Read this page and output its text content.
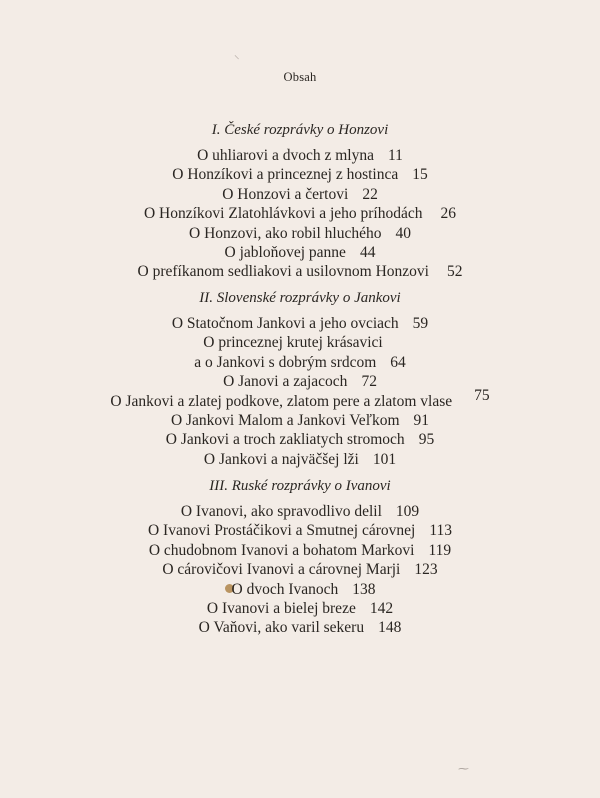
Obsah
⸌
⁓
I. České rozprávky o Honzovi
O uhliarovi a dvoch z mlyna 11
O Honzíkovi a princeznej z hostinca 15
O Honzovi a čertovi 22
O Honzíkovi Zlatohlávkovi a jeho príhodách 26
O Honzovi, ako robil hluchého 40
O jabloňovej panne 44
O prefíkanom sedliakovi a usilovnom Honzovi 52
II. Slovenské rozprávky o Jankovi
O Statočnom Jankovi a jeho ovciach 59
O princeznej krutej krásavici
a o Jankovi s dobrým srdcom 64
O Janovi a zajacoch 72
O Jankovi a zlatej podkove, zlatom pere a zlatom vlase 75
O Jankovi Malom a Jankovi Veľkom 91
O Jankovi a troch zakliatych stromoch 95
O Jankovi a najväčšej lži 101
III. Ruské rozprávky o Ivanovi
O Ivanovi, ako spravodlivo delil 109
O Ivanovi Prostáčikovi a Smutnej cárovnej 113
O chudobnom Ivanovi a bohatom Markovi 119
O cárovičovi Ivanovi a cárovnej Marji 123
O dvoch Ivanoch 138
O Ivanovi a bielej breze 142
O Vaňovi, ako varil sekeru 148
